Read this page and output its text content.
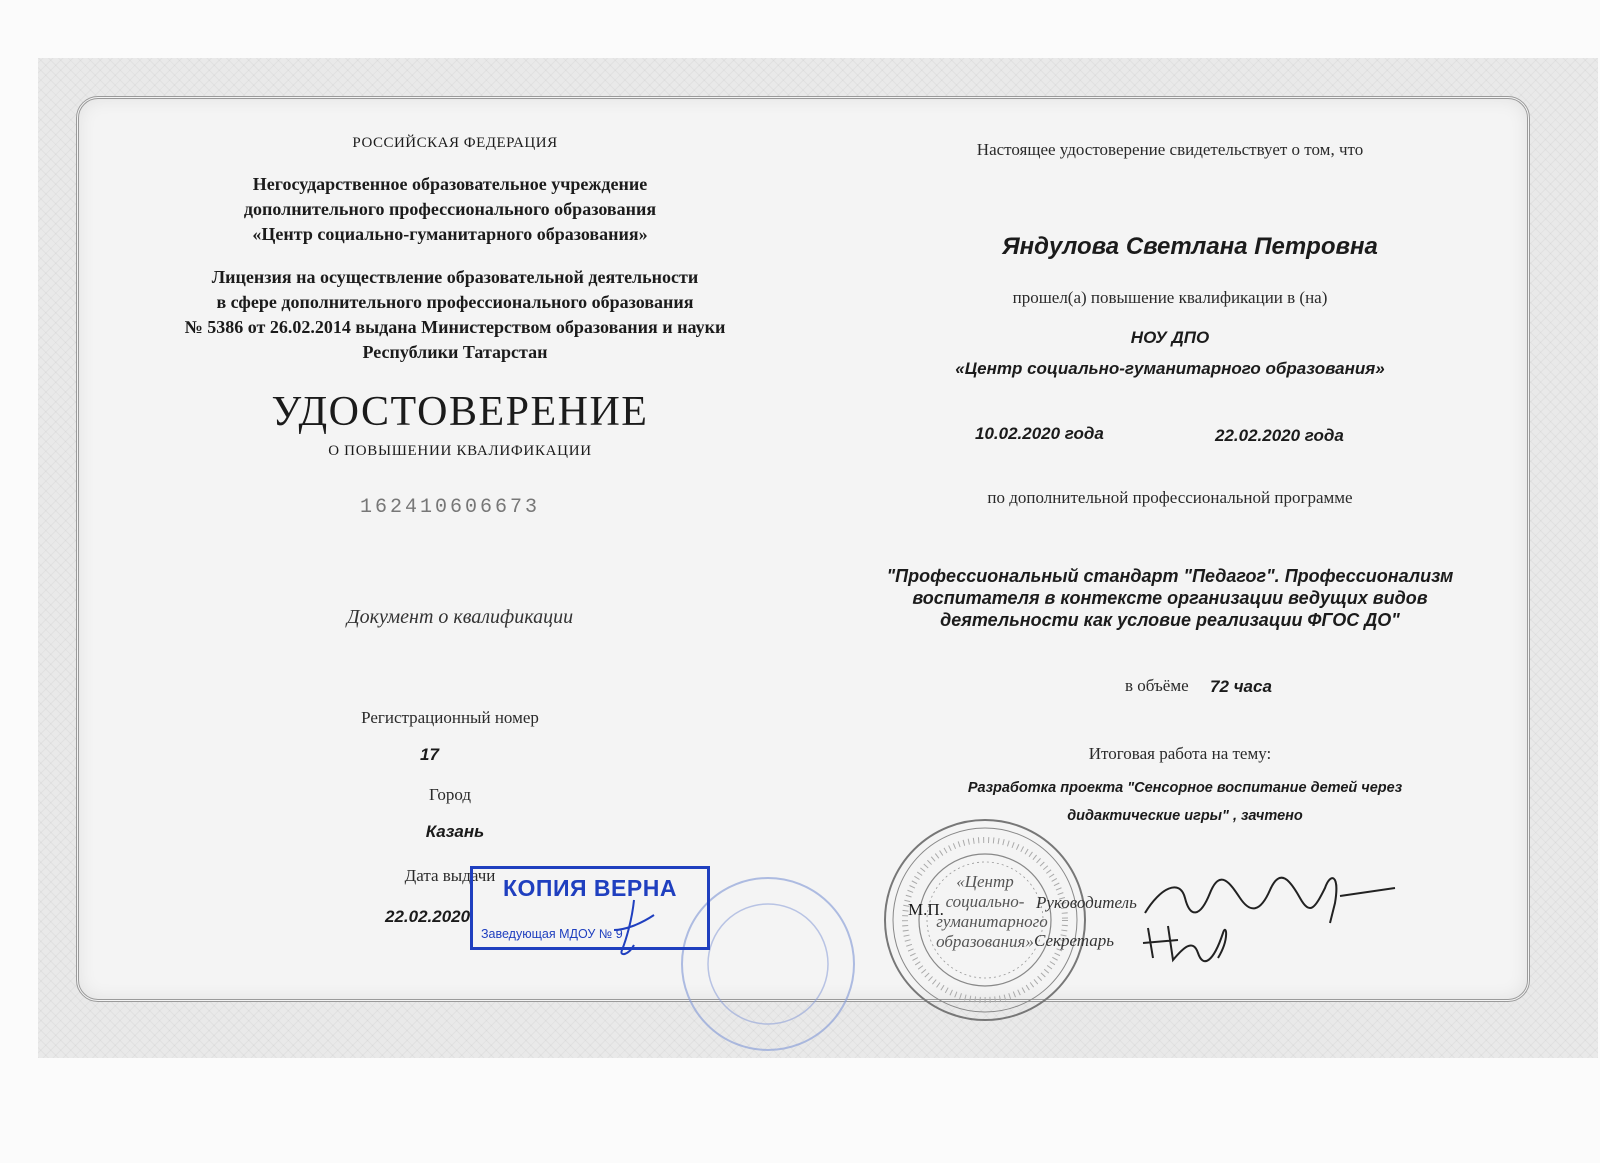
РОССИЙСКАЯ ФЕДЕРАЦИЯ

Негосударственное образовательное учреждение
дополнительного профессионального образования
«Центр социально-гуманитарного образования»
Лицензия на осуществление образовательной деятельности
в сфере дополнительного профессионального образования
№ 5386 от 26.02.2014 выдана Министерством образования и науки
Республики Татарстан

УДОСТОВЕРЕНИЕ

О ПОВЫШЕНИИ КВАЛИФИКАЦИИ

162410606673

Документ о квалификации

Регистрационный номер

17

Город

Казань

Дата выдачи

22.02.2020

Настоящее удостоверение свидетельствует о том, что

Яндулова Светлана Петровна

прошел(а) повышение квалификации в (на)

НОУ ДПО

«Центр социально-гуманитарного образования»

10.02.2020 года	22.02.2020 года

по дополнительной профессиональной программе

"Профессиональный стандарт "Педагог". Профессионализм
воспитателя в контексте организации ведущих видов
деятельности как условие реализации ФГОС ДО"

в объёме 72 часа

Итоговая работа на тему:

Разработка проекта "Сенсорное воспитание детей через
дидактические игры" , зачтено
«Центр
социально-
гуманитарного
образования»

М.П.	Руководитель

Секретарь

КОПИЯ ВЕРНА
Заведующая МДОУ № 9
